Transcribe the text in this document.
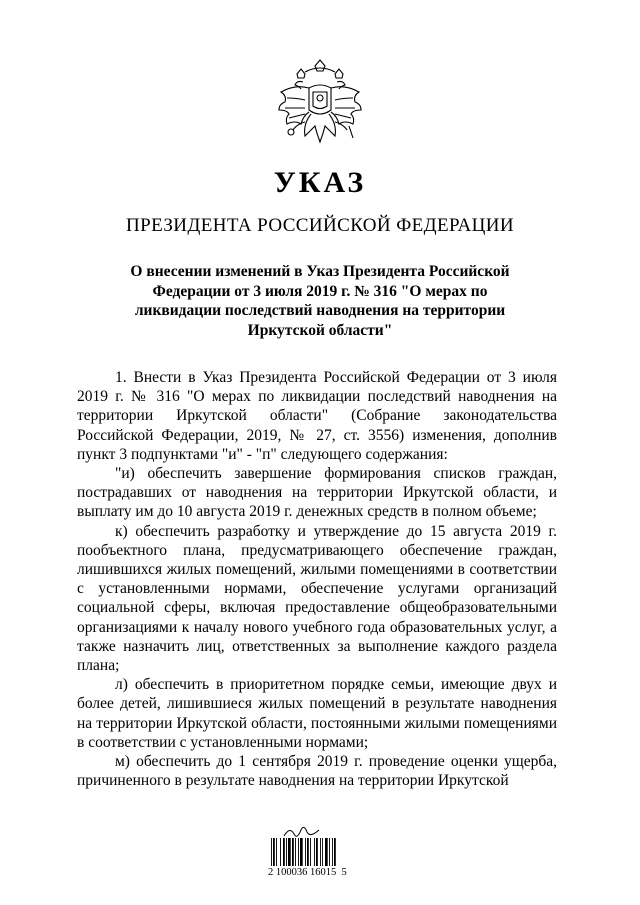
УКАЗ
ПРЕЗИДЕНТА РОССИЙСКОЙ ФЕДЕРАЦИИ
О внесении изменений в Указ Президента Российской Федерации от 3 июля 2019 г. № 316 "О мерах по ликвидации последствий наводнения на территории Иркутской области"

1. Внести в Указ Президента Российской Федерации от 3 июля 2019 г. № 316 "О мерах по ликвидации последствий наводнения на территории Иркутской области" (Собрание законодательства Российской Федерации, 2019, № 27, ст. 3556) изменения, дополнив пункт 3 подпунктами "и" - "п" следующего содержания:

"и) обеспечить завершение формирования списков граждан, пострадавших от наводнения на территории Иркутской области, и выплату им до 10 августа 2019 г. денежных средств в полном объеме;

к) обеспечить разработку и утверждение до 15 августа 2019 г. пообъектного плана, предусматривающего обеспечение граждан, лишившихся жилых помещений, жилыми помещениями в соответствии с установленными нормами, обеспечение услугами организаций социальной сферы, включая предоставление общеобразовательными организациями к началу нового учебного года образовательных услуг, а также назначить лиц, ответственных за выполнение каждого раздела плана;

л) обеспечить в приоритетном порядке семьи, имеющие двух и более детей, лишившиеся жилых помещений в результате наводнения на территории Иркутской области, постоянными жилыми помещениями в соответствии с установленными нормами;

м) обеспечить до 1 сентября 2019 г. проведение оценки ущерба, причиненного в результате наводнения на территории Иркутской

2 100036 16015  5
